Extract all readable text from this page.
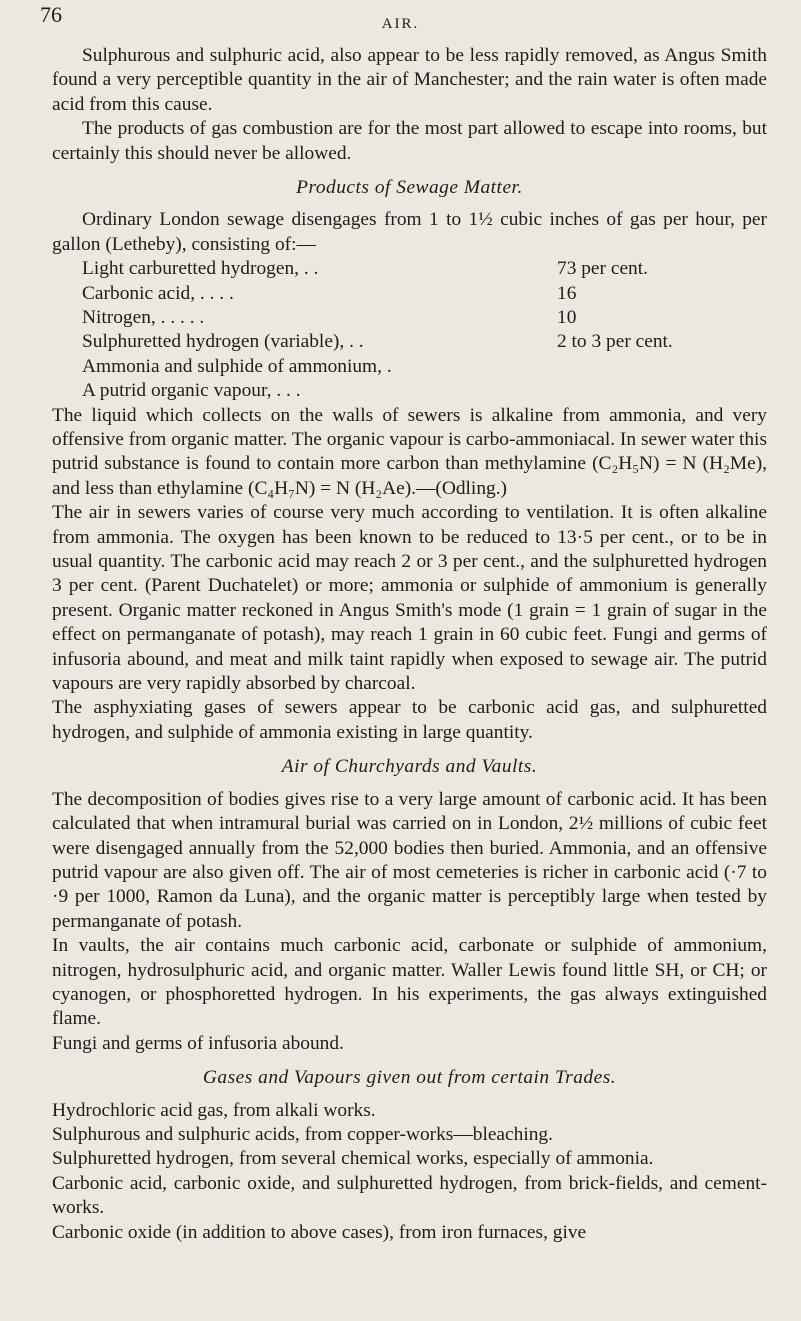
76	AIR.

Sulphurous and sulphuric acid, also appear to be less rapidly removed, as Angus Smith found a very perceptible quantity in the air of Manchester; and the rain water is often made acid from this cause.

The products of gas combustion are for the most part allowed to escape into rooms, but certainly this should never be allowed.

Products of Sewage Matter.

Ordinary London sewage disengages from 1 to 1½ cubic inches of gas per hour, per gallon (Letheby), consisting of:—

Light carburetted hydrogen, . .	73 per cent.
Carbonic acid, . . . .	16
Nitrogen, . . . . .	10
Sulphuretted hydrogen (variable), . .	2 to 3 per cent.
Ammonia and sulphide of ammonium, .
A putrid organic vapour, . . .

The liquid which collects on the walls of sewers is alkaline from ammonia, and very offensive from organic matter. The organic vapour is carbo-ammoniacal. In sewer water this putrid substance is found to contain more carbon than methylamine (C₂H₅N) = N (H₂Me), and less than ethylamine (C₄H₇N) = N (H₂Ae).—(Odling.)

The air in sewers varies of course very much according to ventilation. It is often alkaline from ammonia. The oxygen has been known to be reduced to 13·5 per cent., or to be in usual quantity. The carbonic acid may reach 2 or 3 per cent., and the sulphuretted hydrogen 3 per cent. (Parent Duchatelet) or more; ammonia or sulphide of ammonium is generally present. Organic matter reckoned in Angus Smith's mode (1 grain = 1 grain of sugar in the effect on permanganate of potash), may reach 1 grain in 60 cubic feet. Fungi and germs of infusoria abound, and meat and milk taint rapidly when exposed to sewage air. The putrid vapours are very rapidly absorbed by charcoal.

The asphyxiating gases of sewers appear to be carbonic acid gas, and sulphuretted hydrogen, and sulphide of ammonia existing in large quantity.

Air of Churchyards and Vaults.

The decomposition of bodies gives rise to a very large amount of carbonic acid. It has been calculated that when intramural burial was carried on in London, 2½ millions of cubic feet were disengaged annually from the 52,000 bodies then buried. Ammonia, and an offensive putrid vapour are also given off. The air of most cemeteries is richer in carbonic acid (·7 to ·9 per 1000, Ramon da Luna), and the organic matter is perceptibly large when tested by permanganate of potash.

In vaults, the air contains much carbonic acid, carbonate or sulphide of ammonium, nitrogen, hydrosulphuric acid, and organic matter. Waller Lewis found little SH, or CH; or cyanogen, or phosphoretted hydrogen. In his experiments, the gas always extinguished flame.

Fungi and germs of infusoria abound.

Gases and Vapours given out from certain Trades.

Hydrochloric acid gas, from alkali works.

Sulphurous and sulphuric acids, from copper-works—bleaching.

Sulphuretted hydrogen, from several chemical works, especially of ammonia.

Carbonic acid, carbonic oxide, and sulphuretted hydrogen, from brick-fields, and cement-works.

Carbonic oxide (in addition to above cases), from iron furnaces, give
